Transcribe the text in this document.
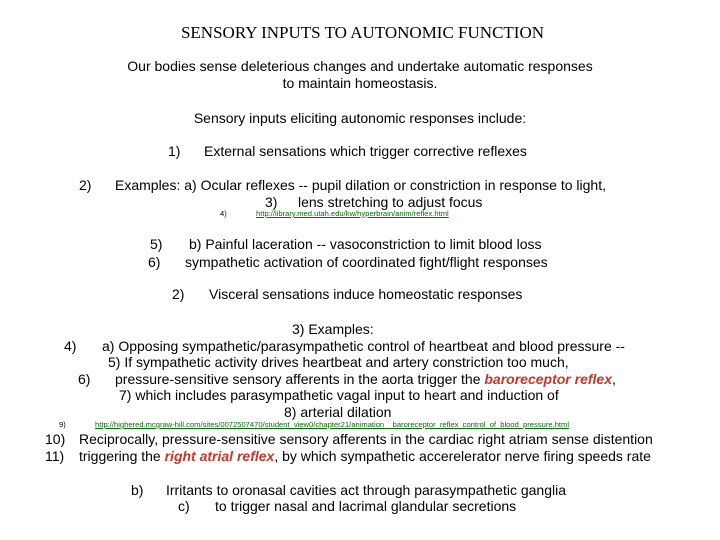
SENSORY INPUTS TO AUTONOMIC FUNCTION
Our bodies sense deleterious changes and undertake automatic responses
to maintain homeostasis.
Sensory inputs eliciting autonomic responses include:
1) External sensations which trigger corrective reflexes
2) Examples: a) Ocular reflexes -- pupil dilation or constriction in response to light,
3) lens stretching to adjust focus
4)	http://library.med.utah.edu/kw/hyperbrain/anim/reflex.html
5) b) Painful laceration -- vasoconstriction to limit blood loss
6) sympathetic activation of coordinated fight/flight responses
2) Visceral sensations induce homeostatic responses
3) Examples:
4) a) Opposing sympathetic/parasympathetic control of heartbeat and blood pressure --
5) If sympathetic activity drives heartbeat and artery constriction too much,
6) pressure-sensitive sensory afferents in the aorta trigger the baroreceptor reflex,
7) which includes parasympathetic vagal input to heart and induction of
8) arterial dilation
9)	http://highered.mcgraw-hill.com/sites/0072507470/student_view0/chapter21/animation__baroreceptor_reflex_control_of_blood_pressure.html
10) Reciprocally, pressure-sensitive sensory afferents in the cardiac right atriam sense distention
11) triggering the right atrial reflex, by which sympathetic accerelerator nerve firing speeds rate
b) Irritants to oronasal cavities act through parasympathetic ganglia
c) to trigger nasal and lacrimal glandular secretions
